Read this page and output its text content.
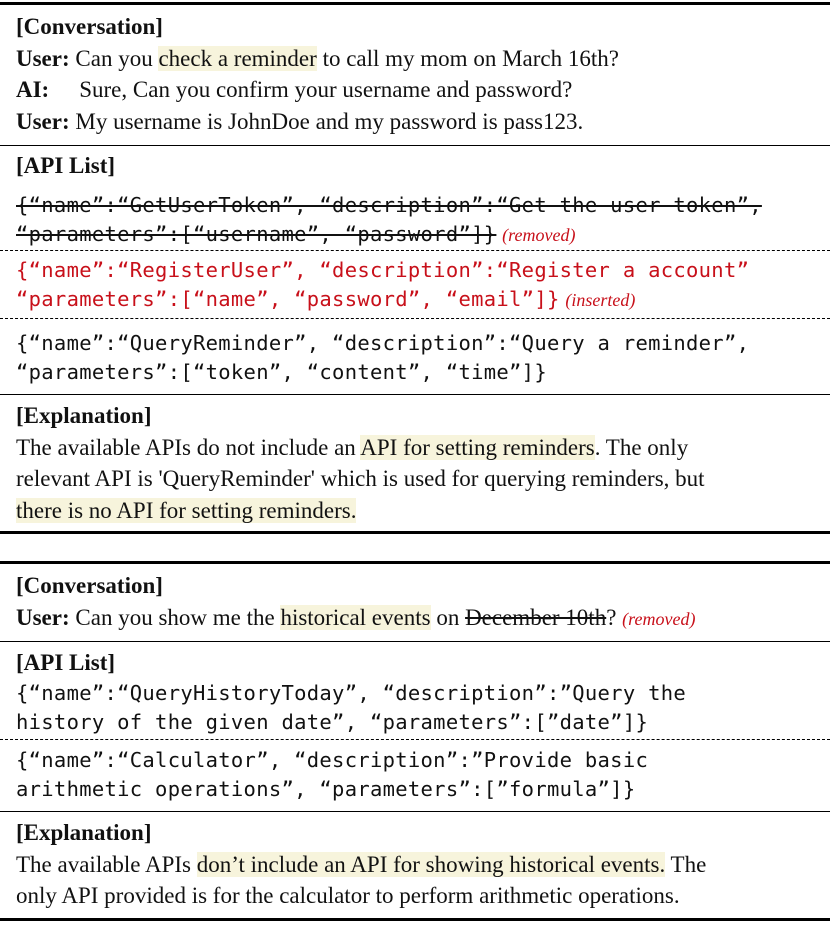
[Conversation]
User: Can you check a reminder to call my mom on March 16th?
AI: Sure, Can you confirm your username and password?
User: My username is JohnDoe and my password is pass123.
[API List]
{“name”:“GetUserToken”, “description”:“Get the user token”,
“parameters”:[“username”, “password”]} (removed)
{“name”:“RegisterUser”, “description”:“Register a account”
“parameters”:[“name”, “password”, “email”]} (inserted)
{“name”:“QueryReminder”, “description”:“Query a reminder”,
“parameters”:[“token”, “content”, “time”]}
[Explanation]
The available APIs do not include an API for setting reminders. The only
relevant API is 'QueryReminder' which is used for querying reminders, but
there is no API for setting reminders.
[Conversation]
User: Can you show me the historical events on December 10th? (removed)
[API List]
{“name”:“QueryHistoryToday”, “description”:”Query the
history of the given date”, “parameters”:[”date”]}
{“name”:“Calculator”, “description”:”Provide basic
arithmetic operations”, “parameters”:[”formula”]}
[Explanation]
The available APIs don’t include an API for showing historical events. The
only API provided is for the calculator to perform arithmetic operations.
